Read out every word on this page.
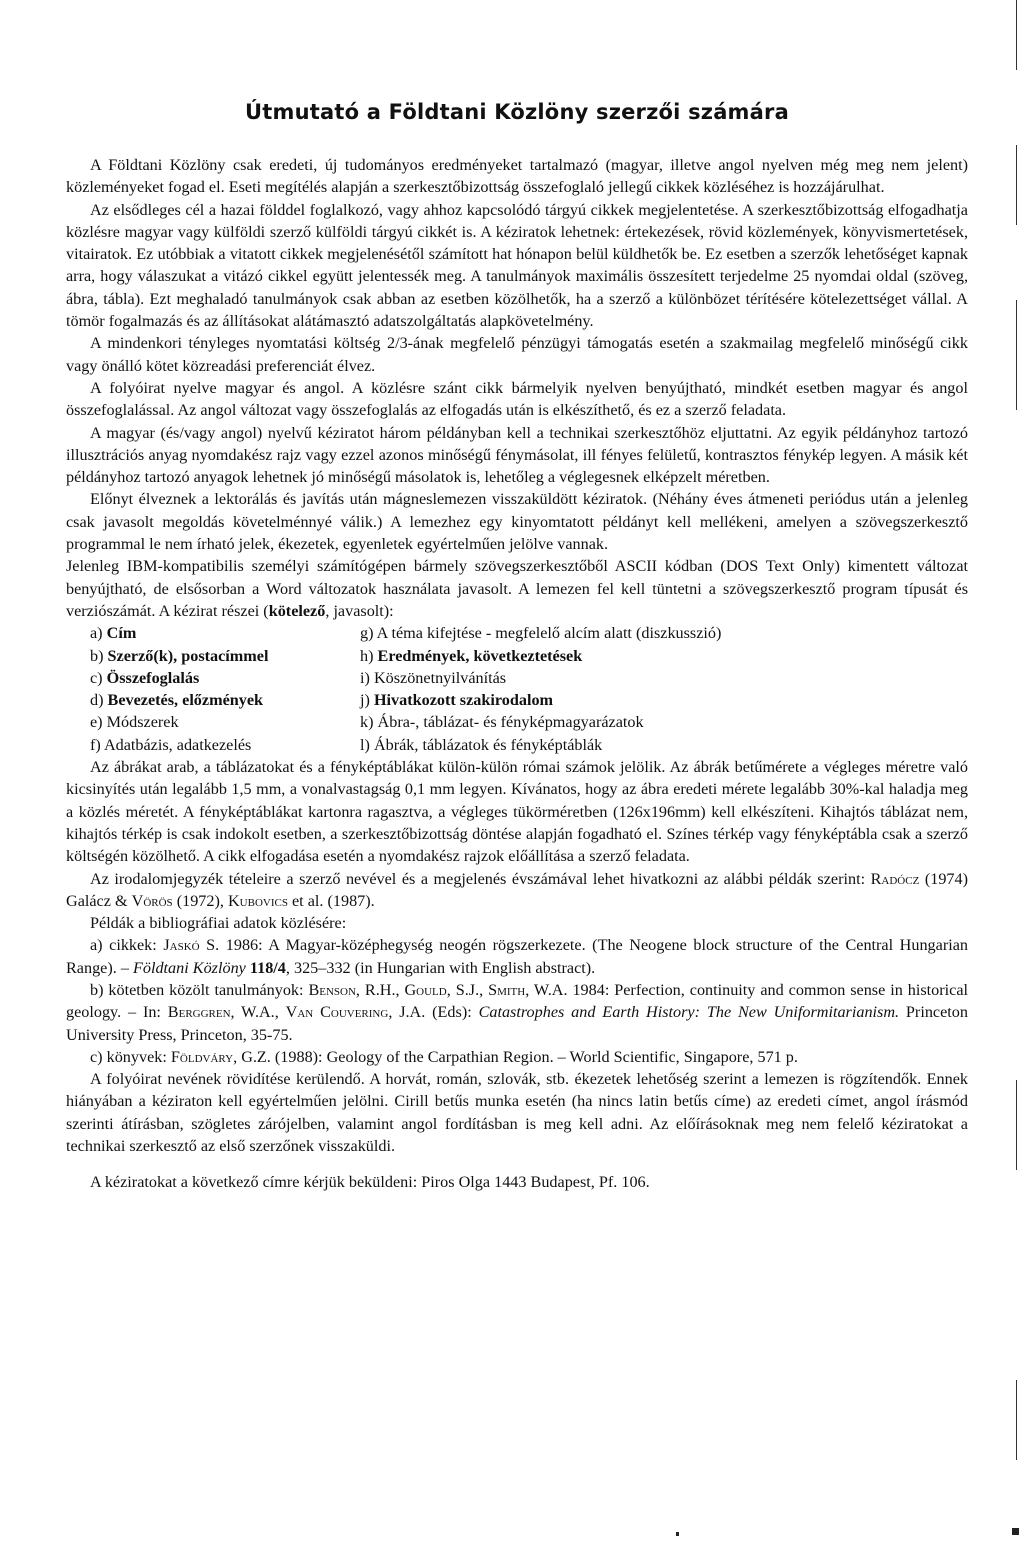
Útmutató a Földtani Közlöny szerzői számára

A Földtani Közlöny csak eredeti, új tudományos eredményeket tartalmazó (magyar, illetve angol nyelven még meg nem jelent) közleményeket fogad el. Eseti megítélés alapján a szerkesztőbizottság összefoglaló jellegű cikkek közléséhez is hozzájárulhat.

Az elsődleges cél a hazai földdel foglalkozó, vagy ahhoz kapcsolódó tárgyú cikkek megjelentetése. A szerkesztőbizottság elfogadhatja közlésre magyar vagy külföldi szerző külföldi tárgyú cikkét is. A kéziratok lehetnek: értekezések, rövid közlemények, könyvismertetések, vitairatok. Ez utóbbiak a vitatott cikkek megjelenésétől számított hat hónapon belül küldhetők be. Ez esetben a szerzők lehetőséget kapnak arra, hogy válaszukat a vitázó cikkel együtt jelentessék meg. A tanulmányok maximális összesített terjedelme 25 nyomdai oldal (szöveg, ábra, tábla). Ezt meghaladó tanulmányok csak abban az esetben közölhetők, ha a szerző a különbözet térítésére kötelezettséget vállal. A tömör fogalmazás és az állításokat alátámasztó adatszolgáltatás alapkövetelmény.

A mindenkori tényleges nyomtatási költség 2/3-ának megfelelő pénzügyi támogatás esetén a szakmailag megfelelő minőségű cikk vagy önálló kötet közreadási preferenciát élvez.

A folyóirat nyelve magyar és angol. A közlésre szánt cikk bármelyik nyelven benyújtható, mindkét esetben magyar és angol összefoglalással. Az angol változat vagy összefoglalás az elfogadás után is elkészíthető, és ez a szerző feladata.

A magyar (és/vagy angol) nyelvű kéziratot három példányban kell a technikai szerkesztőhöz eljuttatni. Az egyik példányhoz tartozó illusztrációs anyag nyomdakész rajz vagy ezzel azonos minőségű fénymásolat, ill fényes felületű, kontrasztos fénykép legyen. A másik két példányhoz tartozó anyagok lehetnek jó minőségű másolatok is, lehetőleg a véglegesnek elképzelt méretben.

Előnyt élveznek a lektorálás és javítás után mágneslemezen visszaküldött kéziratok. (Néhány éves átmeneti periódus után a jelenleg csak javasolt megoldás követelménnyé válik.) A lemezhez egy kinyomtatott példányt kell mellékeni, amelyen a szövegszerkesztő programmal le nem írható jelek, ékezetek, egyenletek egyértelműen jelölve vannak.

Jelenleg IBM-kompatibilis személyi számítógépen bármely szövegszerkesztőből ASCII kódban (DOS Text Only) kimentett változat benyújtható, de elsősorban a Word változatok használata javasolt. A lemezen fel kell tüntetni a szövegszerkesztő program típusát és verziószámát. A kézirat részei (kötelező, javasolt):

a) Cím	g) A téma kifejtése - megfelelő alcím alatt (diszkusszió)
b) Szerző(k), postacímmel	h) Eredmények, következtetések
c) Összefoglalás	i) Köszönetnyilvánítás
d) Bevezetés, előzmények	j) Hivatkozott szakirodalom
e) Módszerek	k) Ábra-, táblázat- és fényképmagyarázatok
f) Adatbázis, adatkezelés	l) Ábrák, táblázatok és fényképtáblák

Az ábrákat arab, a táblázatokat és a fényképtáblákat külön-külön római számok jelölik. Az ábrák betűmérete a végleges méretre való kicsinyítés után legalább 1,5 mm, a vonalvastagság 0,1 mm legyen. Kívánatos, hogy az ábra eredeti mérete legalább 30%-kal haladja meg a közlés méretét. A fényképtáblákat kartonra ragasztva, a végleges tükörméretben (126x196mm) kell elkészíteni. Kihajtós táblázat nem, kihajtós térkép is csak indokolt esetben, a szerkesztőbizottság döntése alapján fogadható el. Színes térkép vagy fényképtábla csak a szerző költségén közölhető. A cikk elfogadása esetén a nyomdakész rajzok előállítása a szerző feladata.

Az irodalomjegyzék tételeire a szerző nevével és a megjelenés évszámával lehet hivatkozni az alábbi példák szerint: Radócz (1974) Galácz & Vörös (1972), Kubovics et al. (1987).

Példák a bibliográfiai adatok közlésére:

a) cikkek: Jaskó S. 1986: A Magyar-középhegység neogén rögszerkezete. (The Neogene block structure of the Central Hungarian Range). – Földtani Közlöny 118/4, 325–332 (in Hungarian with English abstract).

b) kötetben közölt tanulmányok: Benson, R.H., Gould, S.J., Smith, W.A. 1984: Perfection, continuity and common sense in historical geology. – In: Berggren, W.A., Van Couvering, J.A. (Eds): Catastrophes and Earth History: The New Uniformitarianism. Princeton University Press, Princeton, 35-75.

c) könyvek: Földváry, G.Z. (1988): Geology of the Carpathian Region. – World Scientific, Singapore, 571 p.

A folyóirat nevének rövidítése kerülendő. A horvát, román, szlovák, stb. ékezetek lehetőség szerint a lemezen is rögzítendők. Ennek hiányában a kéziraton kell egyértelműen jelölni. Cirill betűs munka esetén (ha nincs latin betűs címe) az eredeti címet, angol írásmód szerinti átírásban, szögletes zárójelben, valamint angol fordításban is meg kell adni. Az előírásoknak meg nem felelő kéziratokat a technikai szerkesztő az első szerzőnek visszaküldi.

A kéziratokat a következő címre kérjük beküldeni: Piros Olga 1443 Budapest, Pf. 106.
